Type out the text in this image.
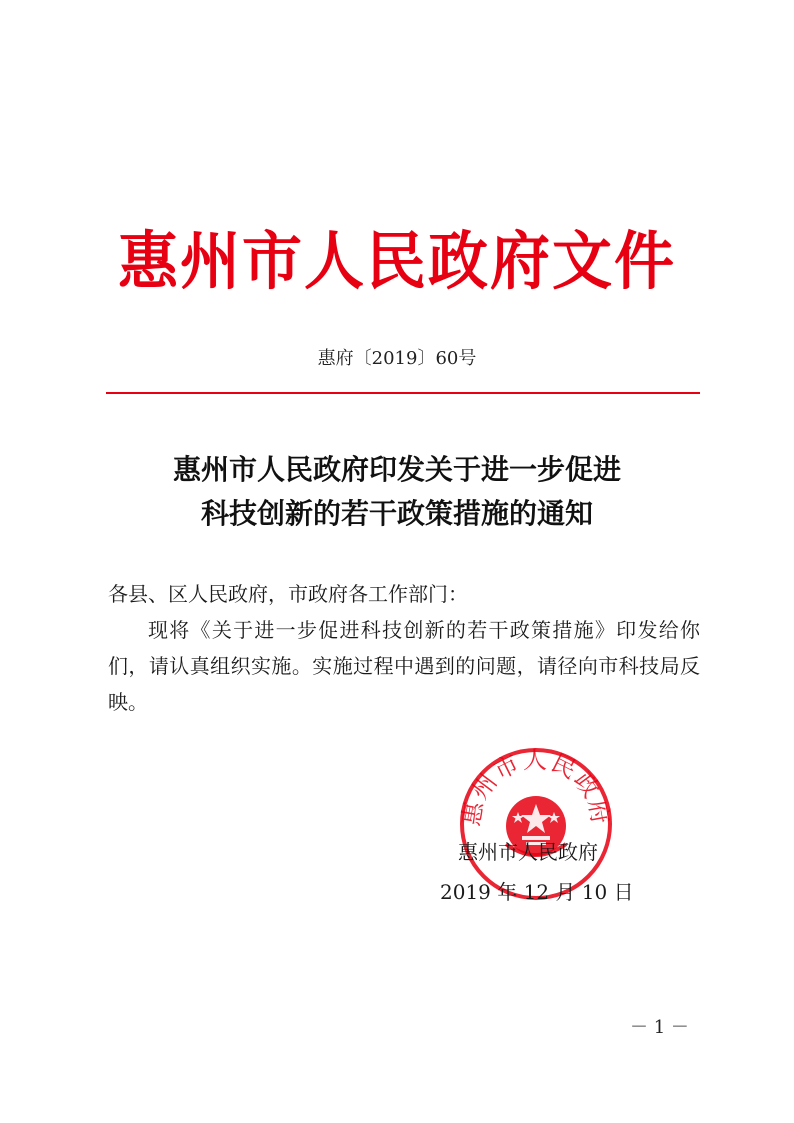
惠州市人民政府文件
惠府〔2019〕60号
惠州市人民政府印发关于进一步促进
科技创新的若干政策措施的通知

各县、区人民政府，市政府各工作部门：

现将《关于进一步促进科技创新的若干政策措施》印发给你们，请认真组织实施。实施过程中遇到的问题，请径向市科技局反映。

惠州市人民政府
惠州市人民政府
2019 年 12 月 10 日
－ 1 －
